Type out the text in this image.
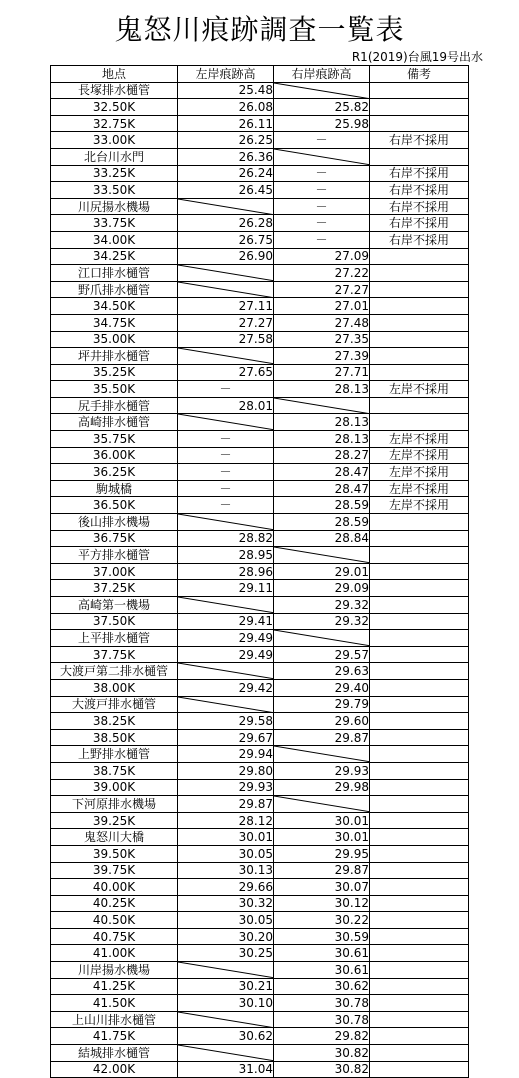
鬼怒川痕跡調査一覧表
R1(2019)台風19号出水
地点	左岸痕跡高	右岸痕跡高	備考
長塚排水樋管	25.48	

32.50K	26.08	25.82	
32.75K	26.11	25.98	
33.00K	26.25	－	右岸不採用
北台川水門	26.36	

33.25K	26.24	－	右岸不採用
33.50K	26.45	－	右岸不採用
川尻揚水機場		－	右岸不採用
33.75K	26.28	－	右岸不採用
34.00K	26.75	－	右岸不採用
34.25K	26.90	27.09	
江口排水樋管		27.22	
野爪排水樋管		27.27	
34.50K	27.11	27.01	
34.75K	27.27	27.48	
35.00K	27.58	27.35	
坪井排水樋管		27.39	
35.25K	27.65	27.71	
35.50K	－	28.13	左岸不採用
尻手排水樋管	28.01	

高崎排水樋管		28.13	
35.75K	－	28.13	左岸不採用
36.00K	－	28.27	左岸不採用
36.25K	－	28.47	左岸不採用
駒城橋	－	28.47	左岸不採用
36.50K	－	28.59	左岸不採用
後山排水機場		28.59	
36.75K	28.82	28.84	
平方排水樋管	28.95	

37.00K	28.96	29.01	
37.25K	29.11	29.09	
高崎第一機場		29.32	
37.50K	29.41	29.32	
上平排水樋管	29.49	

37.75K	29.49	29.57	
大渡戸第二排水樋管		29.63	
38.00K	29.42	29.40	
大渡戸排水樋管		29.79	
38.25K	29.58	29.60	
38.50K	29.67	29.87	
上野排水樋管	29.94	

38.75K	29.80	29.93	
39.00K	29.93	29.98	
下河原排水機場	29.87	

39.25K	28.12	30.01	
鬼怒川大橋	30.01	30.01	
39.50K	30.05	29.95	
39.75K	30.13	29.87	
40.00K	29.66	30.07	
40.25K	30.32	30.12	
40.50K	30.05	30.22	
40.75K	30.20	30.59	
41.00K	30.25	30.61	
川岸揚水機場		30.61	
41.25K	30.21	30.62	
41.50K	30.10	30.78	
上山川排水樋管		30.78	
41.75K	30.62	29.82	
結城排水樋管		30.82	
42.00K	31.04	30.82	
